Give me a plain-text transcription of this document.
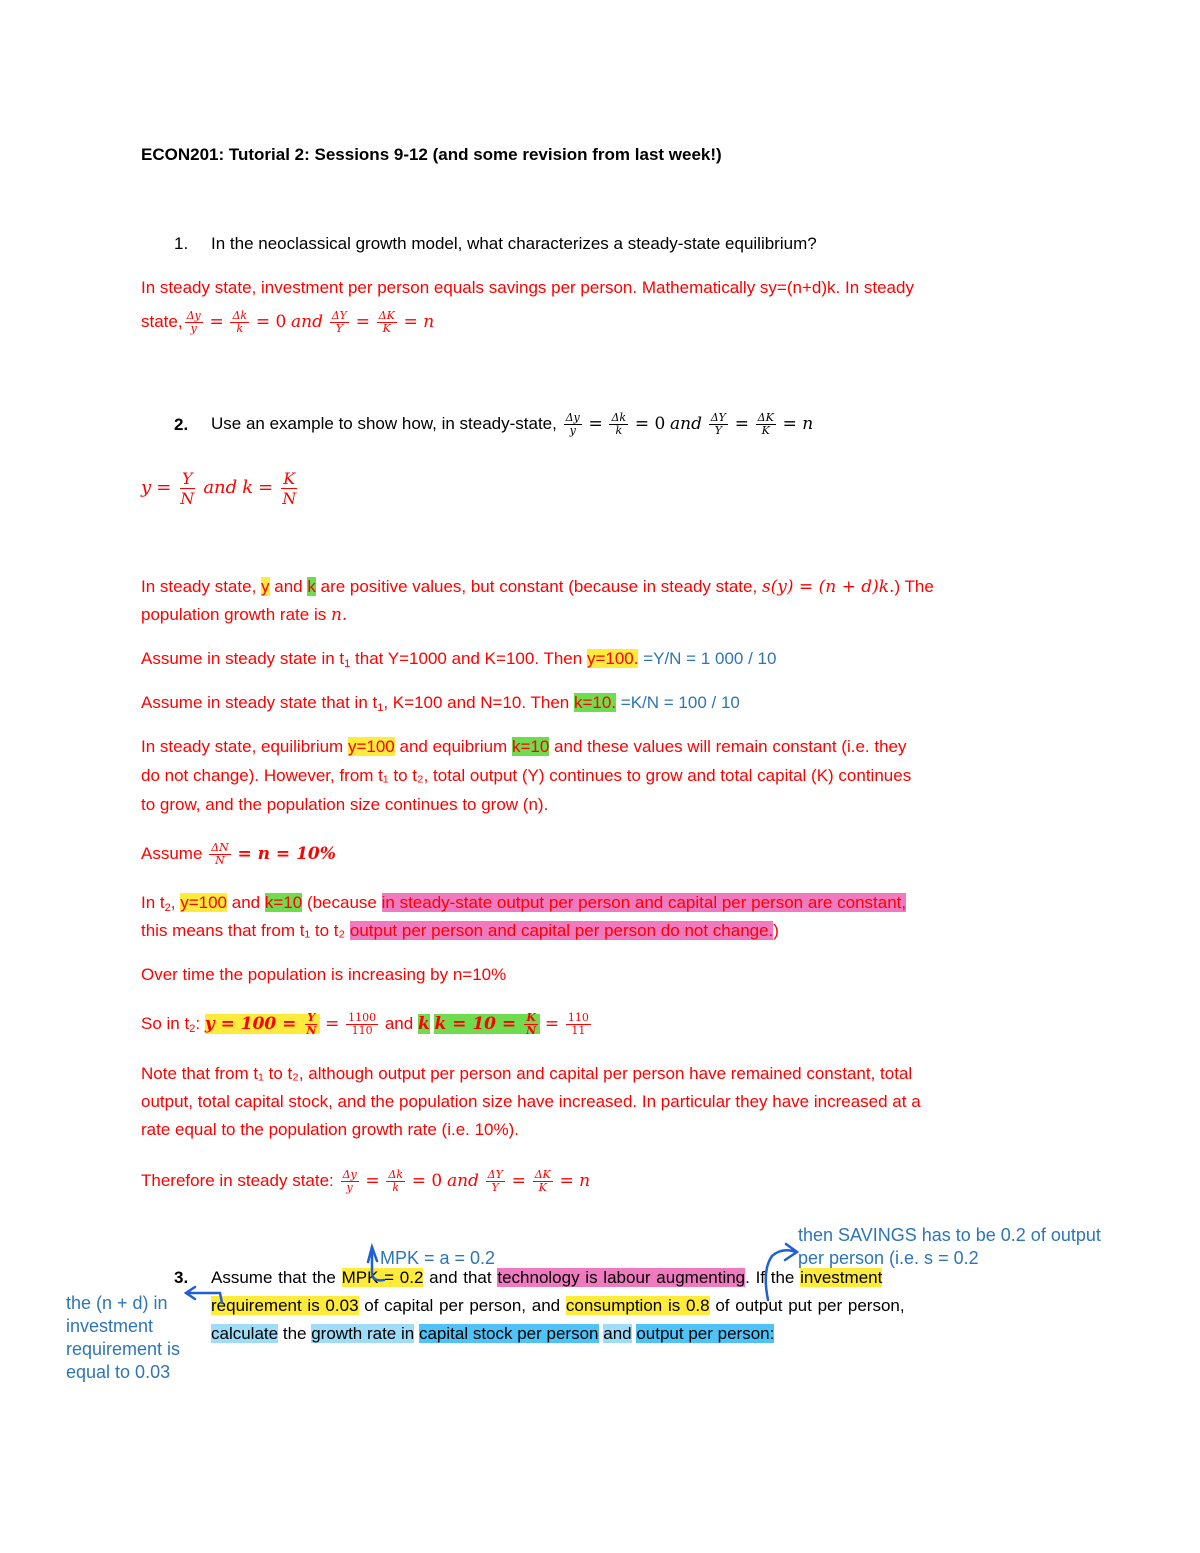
ECON201: Tutorial 2: Sessions 9-12 (and some revision from last week!)
1. In the neoclassical growth model, what characterizes a steady-state equilibrium?
In steady state, investment per person equals savings per person. Mathematically sy=(n+d)k. In steady
state, $\frac{\Delta y}{y} = \frac{\Delta k}{k} = 0$ and $\frac{\Delta Y}{Y} = \frac{\Delta K}{K} = n$
2. Use an example to show how, in steady-state, $\frac{\Delta y}{y} = \frac{\Delta k}{k} = 0$ and $\frac{\Delta Y}{Y} = \frac{\Delta K}{K} = n$
$y = \frac{Y}{N}$ and $k = \frac{K}{N}$
In steady state, y and k are positive values, but constant (because in steady state, s(y) = (n + d)k.) The
population growth rate is n.
Assume in steady state in $t_1$ that Y=1000 and K=100. Then y=100. =Y/N = 1 000 / 10
Assume in steady state that in $t_1$, K=100 and N=10. Then k=10. =K/N = 100 / 10
In steady state, equilibrium y=100 and equibrium k=10 and these values will remain constant (i.e. they
do not change). However, from t₁ to t₂, total output (Y) continues to grow and total capital (K) continues
to grow, and the population size continues to grow (n).
Assume $\frac{\Delta N}{N} = n = 10\%$
In $t_2$, y=100 and k=10 (because in steady-state output per person and capital per person are constant,
this means that from t₁ to t₂ output per person and capital per person do not change.)
Over time the population is increasing by n=10%
So in $t_2$: $y = 100 = \frac{Y}{N} = \frac{1100}{110}$ and k $k = 10 = \frac{K}{N} = \frac{110}{11}$
Note that from t₁ to t₂, although output per person and capital per person have remained constant, total
output, total capital stock, and the population size have increased. In particular they have increased at a
rate equal to the population growth rate (i.e. 10%).
Therefore in steady state: $\frac{\Delta y}{y} = \frac{\Delta k}{k} = 0$ and $\frac{\Delta Y}{Y} = \frac{\Delta K}{K} = n$
then SAVINGS has to be 0.2 of output
per person (i.e. s = 0.2
MPK = a = 0.2
the (n + d) in
investment
requirement is
equal to 0.03
3. Assume that the MPK = 0.2 and that technology is labour augmenting. If the investment
requirement is 0.03 of capital per person, and consumption is 0.8 of output put per person,
calculate the growth rate in capital stock per person and output per person:
